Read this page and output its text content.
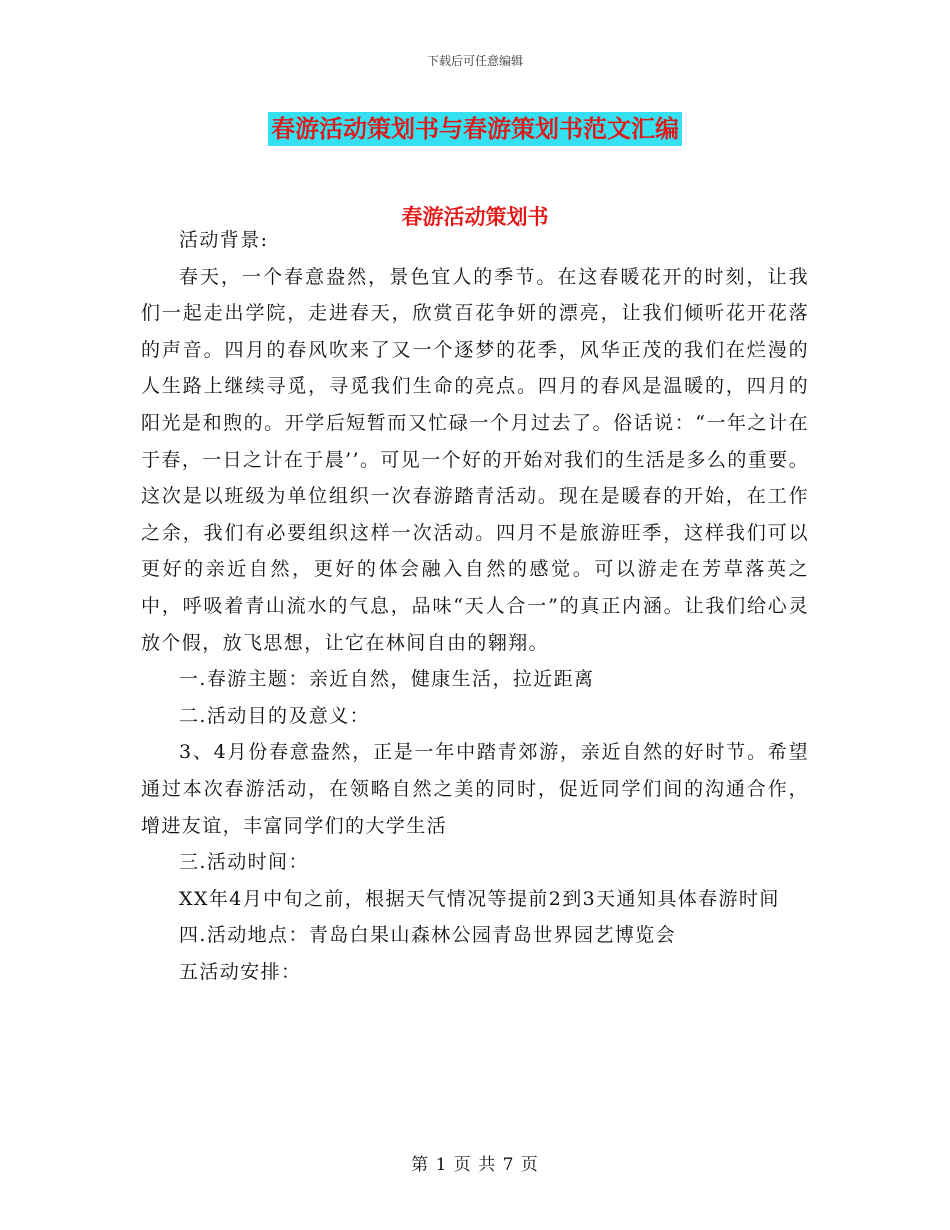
下载后可任意编辑
春游活动策划书与春游策划书范文汇编
春游活动策划书

活动背景:

春天，一个春意盎然，景色宜人的季节。在这春暖花开的时刻，让我们一起走出学院，走进春天，欣赏百花争妍的漂亮，让我们倾听花开花落的声音。四月的春风吹来了又一个逐梦的花季，风华正茂的我们在烂漫的人生路上继续寻觅，寻觅我们生命的亮点。四月的春风是温暖的，四月的阳光是和煦的。开学后短暂而又忙碌一个月过去了。俗话说：“一年之计在于春，一日之计在于晨’’。可见一个好的开始对我们的生活是多么的重要。这次是以班级为单位组织一次春游踏青活动。现在是暖春的开始，在工作之余，我们有必要组织这样一次活动。四月不是旅游旺季，这样我们可以更好的亲近自然，更好的体会融入自然的感觉。可以游走在芳草落英之中，呼吸着青山流水的气息，品味“天人合一”的真正内涵。让我们给心灵放个假，放飞思想，让它在林间自由的翱翔。

一.春游主题：亲近自然，健康生活，拉近距离

二.活动目的及意义：

3、4月份春意盎然，正是一年中踏青郊游，亲近自然的好时节。希望通过本次春游活动，在领略自然之美的同时，促近同学们间的沟通合作，增进友谊，丰富同学们的大学生活

三.活动时间：

XX年4月中旬之前，根据天气情况等提前2到3天通知具体春游时间

四.活动地点：青岛白果山森林公园青岛世界园艺博览会

五活动安排：

第 1 页 共 7 页
